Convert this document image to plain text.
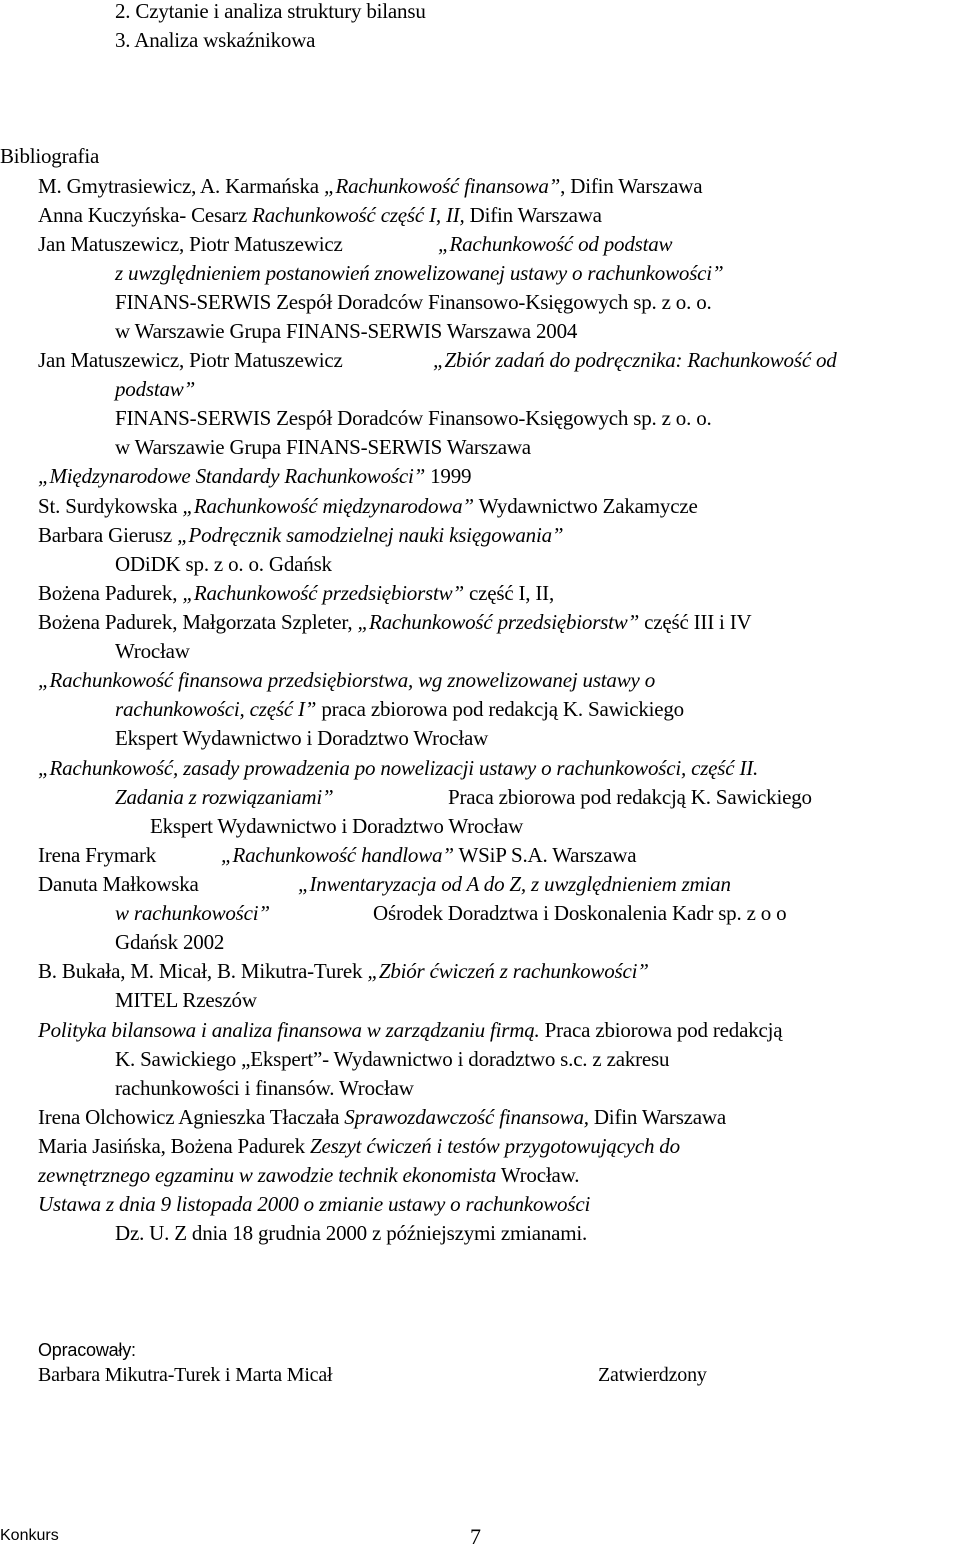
2. Czytanie i analiza struktury bilansu
3. Analiza wskaźnikowa
Bibliografia
M. Gmytrasiewicz, A. Karmańska „Rachunkowość finansowa”, Difin Warszawa
Anna Kuczyńska- Cesarz Rachunkowość część I, II, Difin Warszawa
Jan Matuszewicz, Piotr Matuszewicz	„Rachunkowość od podstaw
z uwzględnieniem postanowień znowelizowanej ustawy o rachunkowości”
FINANS-SERWIS Zespół Doradców Finansowo-Księgowych sp. z o. o.
w Warszawie Grupa FINANS-SERWIS Warszawa 2004
Jan Matuszewicz, Piotr Matuszewicz	„Zbiór zadań do podręcznika: Rachunkowość od
podstaw”
FINANS-SERWIS Zespół Doradców Finansowo-Księgowych sp. z o. o.
w Warszawie Grupa FINANS-SERWIS Warszawa
„Międzynarodowe Standardy Rachunkowości” 1999
St. Surdykowska „Rachunkowość międzynarodowa” Wydawnictwo Zakamycze
Barbara Gierusz „Podręcznik samodzielnej nauki księgowania”
ODiDK sp. z o. o. Gdańsk
Bożena Padurek, „Rachunkowość przedsiębiorstw” część I, II,
Bożena Padurek, Małgorzata Szpleter, „Rachunkowość przedsiębiorstw” część III i IV
Wrocław
„Rachunkowość finansowa przedsiębiorstwa, wg znowelizowanej ustawy o
rachunkowości, część I” praca zbiorowa pod redakcją K. Sawickiego
Ekspert Wydawnictwo i Doradztwo Wrocław
„Rachunkowość, zasady prowadzenia po nowelizacji ustawy o rachunkowości, część II.
Zadania z rozwiązaniami”	Praca zbiorowa pod redakcją K. Sawickiego
Ekspert Wydawnictwo i Doradztwo Wrocław
Irena Frymark	„Rachunkowość handlowa” WSiP S.A. Warszawa
Danuta Małkowska	„Inwentaryzacja od A do Z, z uwzględnieniem zmian
w rachunkowości”	Ośrodek Doradztwa i Doskonalenia Kadr sp. z o o
Gdańsk 2002
B. Bukała, M. Micał, B. Mikutra-Turek „Zbiór ćwiczeń z rachunkowości”
MITEL Rzeszów
Polityka bilansowa i analiza finansowa w zarządzaniu firmą. Praca zbiorowa pod redakcją
K. Sawickiego „Ekspert”- Wydawnictwo i doradztwo s.c. z zakresu
rachunkowości i finansów. Wrocław
Irena Olchowicz Agnieszka Tłaczała Sprawozdawczość finansowa, Difin Warszawa
Maria Jasińska, Bożena Padurek Zeszyt ćwiczeń i testów przygotowujących do
zewnętrznego egzaminu w zawodzie technik ekonomista Wrocław.
Ustawa z dnia 9 listopada 2000 o zmianie ustawy o rachunkowości
Dz. U. Z dnia 18 grudnia 2000 z późniejszymi zmianami.
Opracowały:
Barbara Mikutra-Turek i Marta Micał	Zatwierdzony
Konkurs	7
